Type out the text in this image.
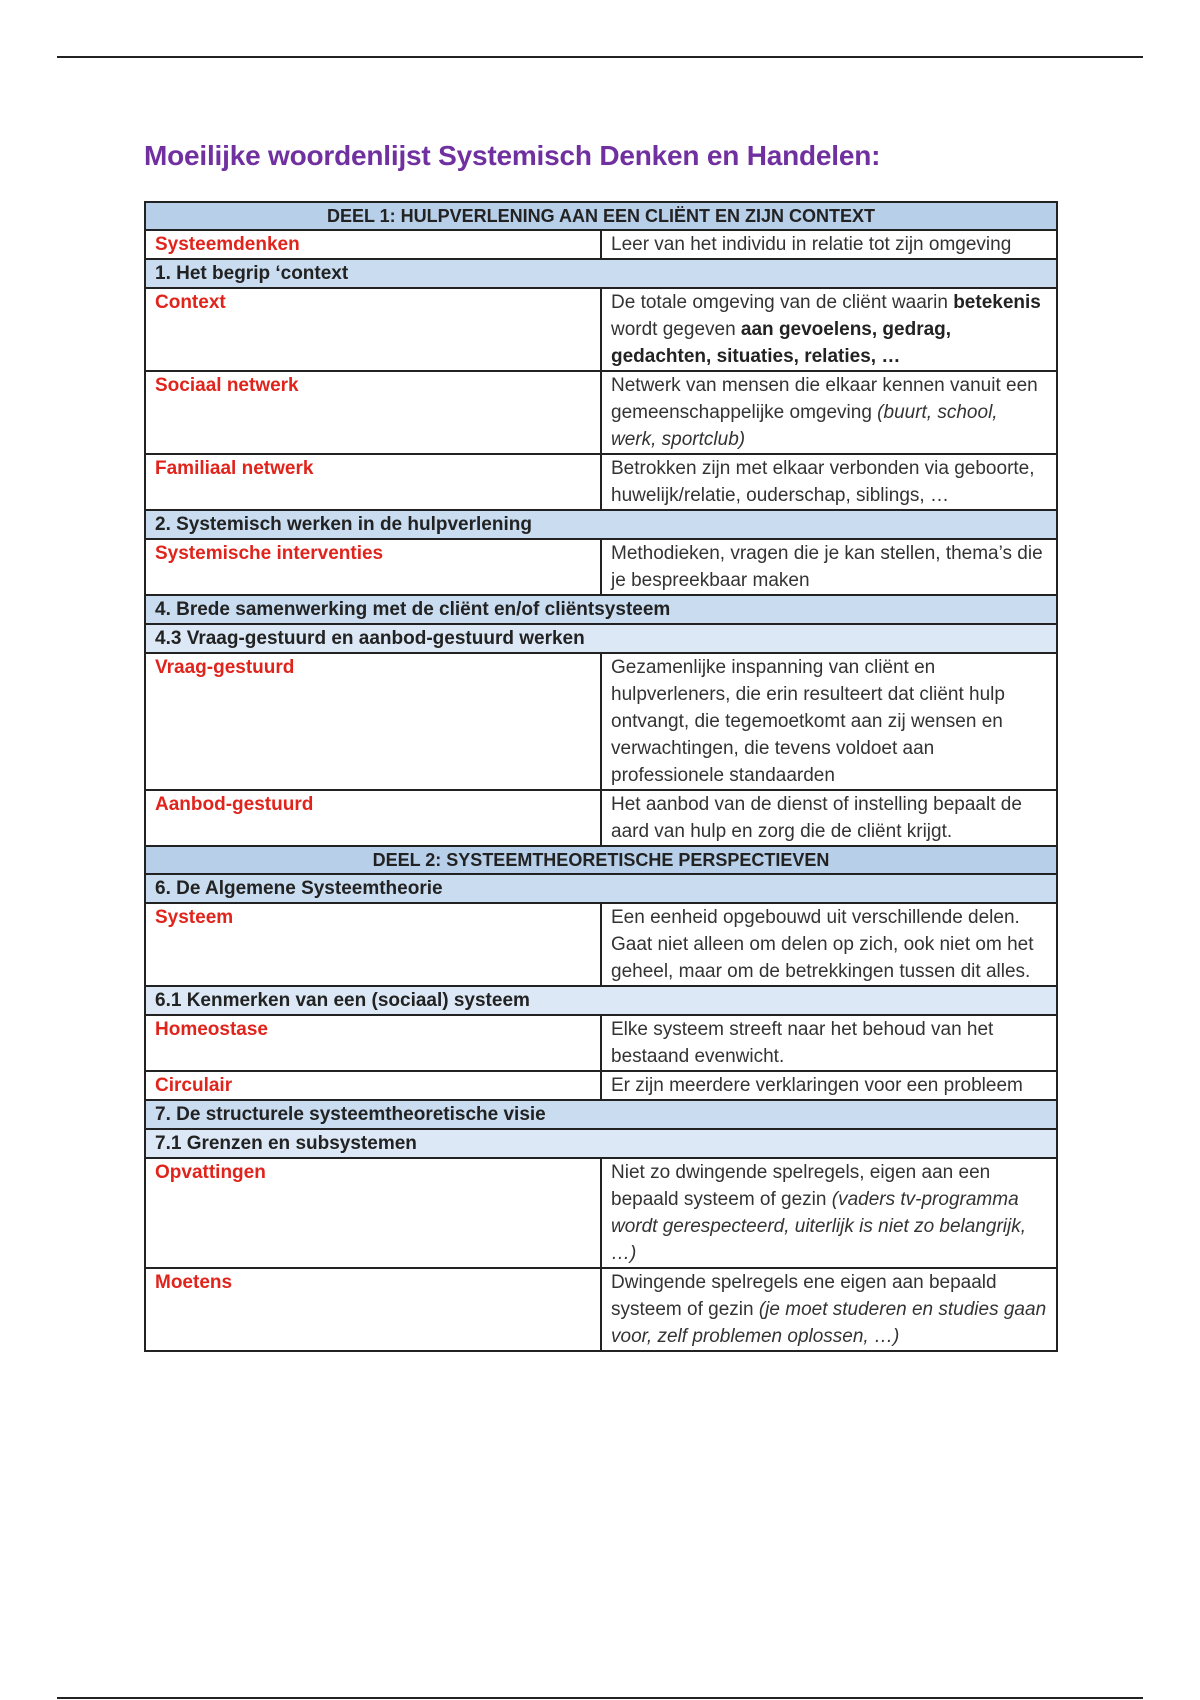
Moeilijke woordenlijst Systemisch Denken en Handelen:
DEEL 1: HULPVERLENING AAN EEN CLIËNT EN ZIJN CONTEXT	
Systeemdenken	Leer van het individu in relatie tot zijn omgeving
1. Het begrip ‘context	
Context	De totale omgeving van de cliënt waarin betekenis wordt gegeven aan gevoelens, gedrag, gedachten, situaties, relaties, …
Sociaal netwerk	Netwerk van mensen die elkaar kennen vanuit een gemeenschappelijke omgeving (buurt, school, werk, sportclub)
Familiaal netwerk	Betrokken zijn met elkaar verbonden via geboorte, huwelijk/relatie, ouderschap, siblings, …
2. Systemisch werken in de hulpverlening	
Systemische interventies	Methodieken, vragen die je kan stellen, thema’s die je bespreekbaar maken
4. Brede samenwerking met de cliënt en/of cliëntsysteem	
4.3 Vraag-gestuurd en aanbod-gestuurd werken	
Vraag-gestuurd	Gezamenlijke inspanning van cliënt en hulpverleners, die erin resulteert dat cliënt hulp ontvangt, die tegemoetkomt aan zij wensen en verwachtingen, die tevens voldoet aan professionele standaarden
Aanbod-gestuurd	Het aanbod van de dienst of instelling bepaalt de aard van hulp en zorg die de cliënt krijgt.
DEEL 2: SYSTEEMTHEORETISCHE PERSPECTIEVEN	
6. De Algemene Systeemtheorie	
Systeem	Een eenheid opgebouwd uit verschillende delen. Gaat niet alleen om delen op zich, ook niet om het geheel, maar om de betrekkingen tussen dit alles.
6.1 Kenmerken van een (sociaal) systeem	
Homeostase	Elke systeem streeft naar het behoud van het bestaand evenwicht.
Circulair	Er zijn meerdere verklaringen voor een probleem
7. De structurele systeemtheoretische visie	
7.1 Grenzen en subsystemen	
Opvattingen	Niet zo dwingende spelregels, eigen aan een bepaald systeem of gezin (vaders tv-programma wordt gerespecteerd, uiterlijk is niet zo belangrijk, …)
Moetens	Dwingende spelregels ene eigen aan bepaald systeem of gezin (je moet studeren en studies gaan voor, zelf problemen oplossen, …)
